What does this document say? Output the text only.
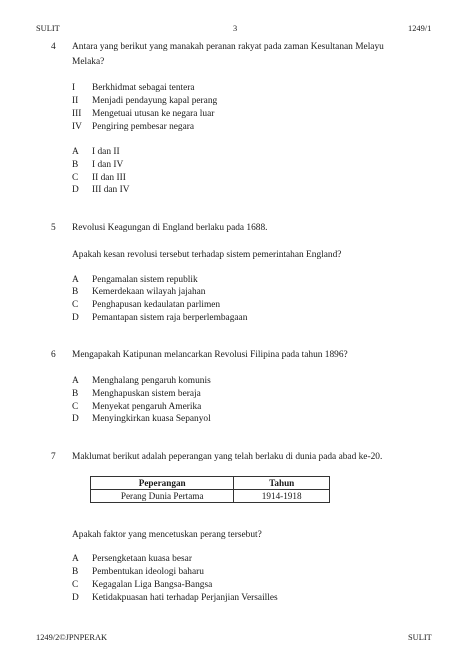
SULIT	3	1249/1
4 Antara yang berikut yang manakah peranan rakyat pada zaman Kesultanan Melayu
Melaka?
I Berkhidmat sebagai tentera
II Menjadi pendayung kapal perang
III Mengetuai utusan ke negara luar
IV Pengiring pembesar negara
A I dan II
B I dan IV
C II dan III
D III dan IV
5 Revolusi Keagungan di England berlaku pada 1688.
Apakah kesan revolusi tersebut terhadap sistem pemerintahan England?
A Pengamalan sistem republik
B Kemerdekaan wilayah jajahan
C Penghapusan kedaulatan parlimen
D Pemantapan sistem raja berperlembagaan
6 Mengapakah Katipunan melancarkan Revolusi Filipina pada tahun 1896?
A Menghalang pengaruh komunis
B Menghapuskan sistem beraja
C Menyekat pengaruh Amerika
D Menyingkirkan kuasa Sepanyol
7 Maklumat berikut adalah peperangan yang telah berlaku di dunia pada abad ke-20.
Peperangan	Tahun
Perang Dunia Pertama	1914-1918
Apakah faktor yang mencetuskan perang tersebut?
A Persengketaan kuasa besar
B Pembentukan ideologi baharu
C Kegagalan Liga Bangsa-Bangsa
D Ketidakpuasan hati terhadap Perjanjian Versailles
1249/2©JPNPERAK	SULIT
